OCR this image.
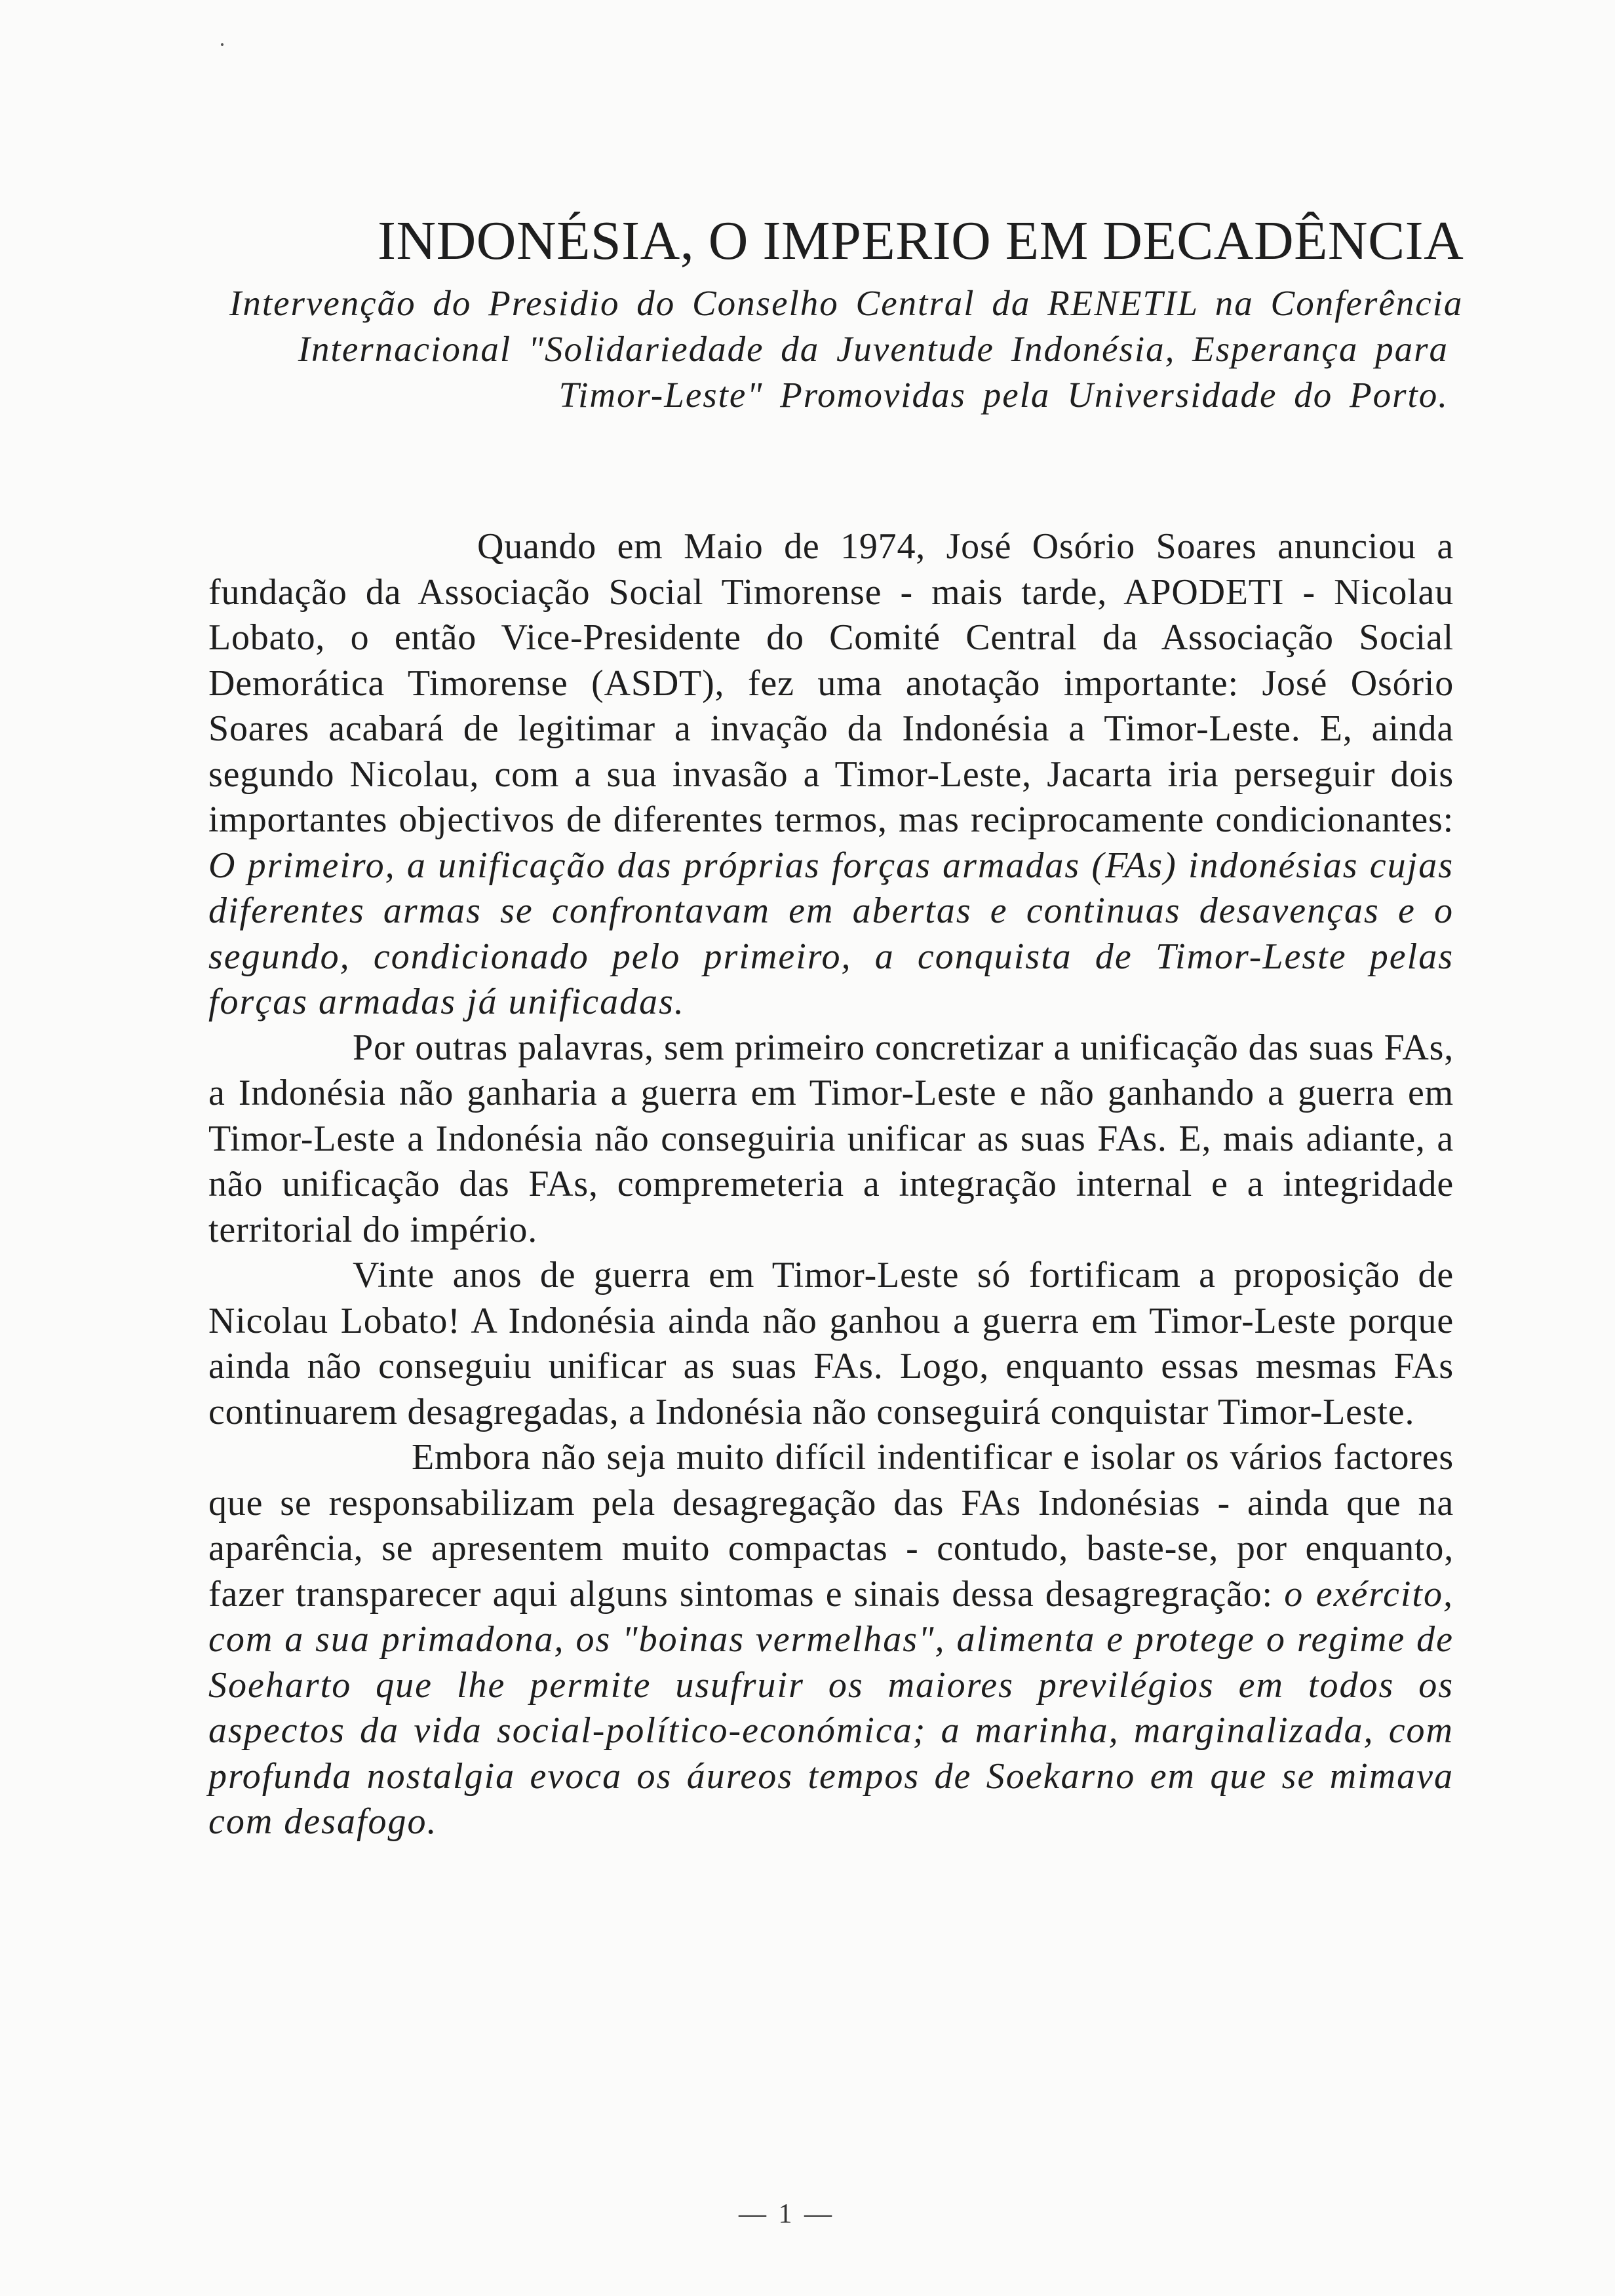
INDONÉSIA, O IMPERIO EM DECADÊNCIA
Intervenção do Presidio do Conselho Central da RENETIL na Conferência
Internacional "Solidariedade da Juventude Indonésia, Esperança para
Timor-Leste" Promovidas pela Universidade do Porto.

Quando em Maio de 1974, José Osório Soares anunciou a fundação da Associação Social Timorense - mais tarde, APODETI - Nicolau Lobato, o então Vice-Presidente do Comité Central da Associação Social Demorática Timorense (ASDT), fez uma anotação importante: José Osório Soares acabará de legitimar a invação da Indonésia a Timor-Leste. E, ainda segundo Nicolau, com a sua invasão a Timor-Leste, Jacarta iria perseguir dois importantes objectivos de diferentes termos, mas reciprocamente condicionantes: O primeiro, a unificação das próprias forças armadas (FAs) indonésias cujas diferentes armas se confrontavam em abertas e continuas desavenças e o segundo, condicionado pelo primeiro, a conquista de Timor-Leste pelas forças armadas já unificadas.

Por outras palavras, sem primeiro concretizar a unificação das suas FAs, a Indonésia não ganharia a guerra em Timor-Leste e não ganhando a guerra em Timor-Leste a Indonésia não conseguiria unificar as suas FAs. E, mais adiante, a não unificação das FAs, compremeteria a integração internal e a integridade territorial do império.

Vinte anos de guerra em Timor-Leste só fortificam a proposição de Nicolau Lobato! A Indonésia ainda não ganhou a guerra em Timor-Leste porque ainda não conseguiu unificar as suas FAs. Logo, enquanto essas mesmas FAs continuarem desagregadas, a Indonésia não conseguirá conquistar Timor-Leste.

Embora não seja muito difícil indentificar e isolar os vários factores que se responsabilizam pela desagregação das FAs Indonésias - ainda que na aparência, se apresentem muito compactas - contudo, baste-se, por enquanto, fazer transparecer aqui alguns sintomas e sinais dessa desagregração: o exército, com a sua primadona, os "boinas vermelhas", alimenta e protege o regime de Soeharto que lhe permite usufruir os maiores previlégios em todos os aspectos da vida social-político-económica; a marinha, marginalizada, com profunda nostalgia evoca os áureos tempos de Soekarno em que se mimava com desafogo.

— 1 —
